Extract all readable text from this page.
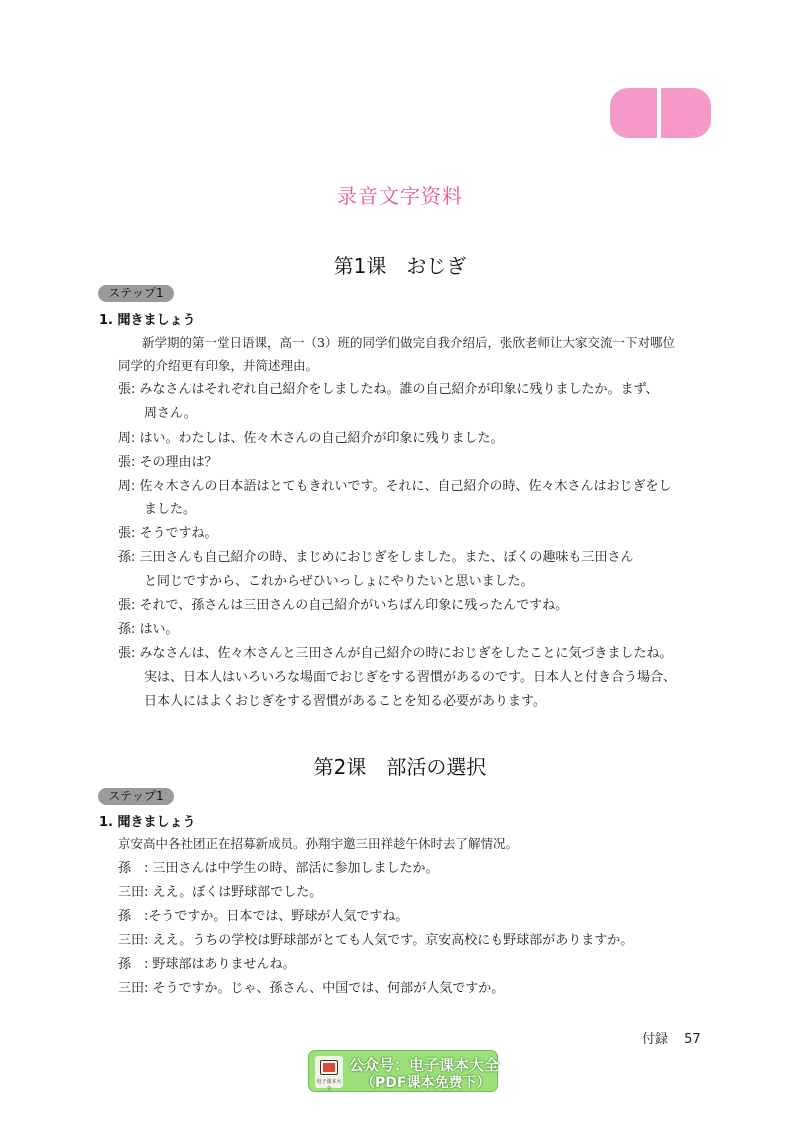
录音文字资料
第1课　おじぎ
ステップ1
1. 聞きましょう
新学期的第一堂日语课，高一（3）班的同学们做完自我介绍后，张欣老师让大家交流一下对哪位
同学的介绍更有印象，并简述理由。
張: みなさんはそれぞれ自己紹介をしましたね。誰の自己紹介が印象に残りましたか。まず、
周さん。
周: はい。わたしは、佐々木さんの自己紹介が印象に残りました。
張: その理由は？
周: 佐々木さんの日本語はとてもきれいです。それに、自己紹介の時、佐々木さんはおじぎをし
ました。
張: そうですね。
孫: 三田さんも自己紹介の時、まじめにおじぎをしました。また、ぼくの趣味も三田さん
と同じですから、これからぜひいっしょにやりたいと思いました。
張: それで、孫さんは三田さんの自己紹介がいちばん印象に残ったんですね。
孫: はい。
張: みなさんは、佐々木さんと三田さんが自己紹介の時におじぎをしたことに気づきましたね。
実は、日本人はいろいろな場面でおじぎをする習慣があるのです。日本人と付き合う場合、
日本人にはよくおじぎをする習慣があることを知る必要があります。
第2课　部活の選択
ステップ1
1. 聞きましょう
京安高中各社团正在招募新成员。孙翔宇邀三田祥趁午休时去了解情况。
孫　: 三田さんは中学生の時、部活に参加しましたか。
三田: ええ。ぼくは野球部でした。
孫　:そうですか。日本では、野球が人気ですね。
三田: ええ。うちの学校は野球部がとても人気です。京安高校にも野球部がありますか。
孫　: 野球部はありませんね。
三田: そうですか。じゃ、孫さん、中国では、何部が人気ですか。
付録 57
电子课本大全
公众号：电子课本大全
（PDF课本免费下）
